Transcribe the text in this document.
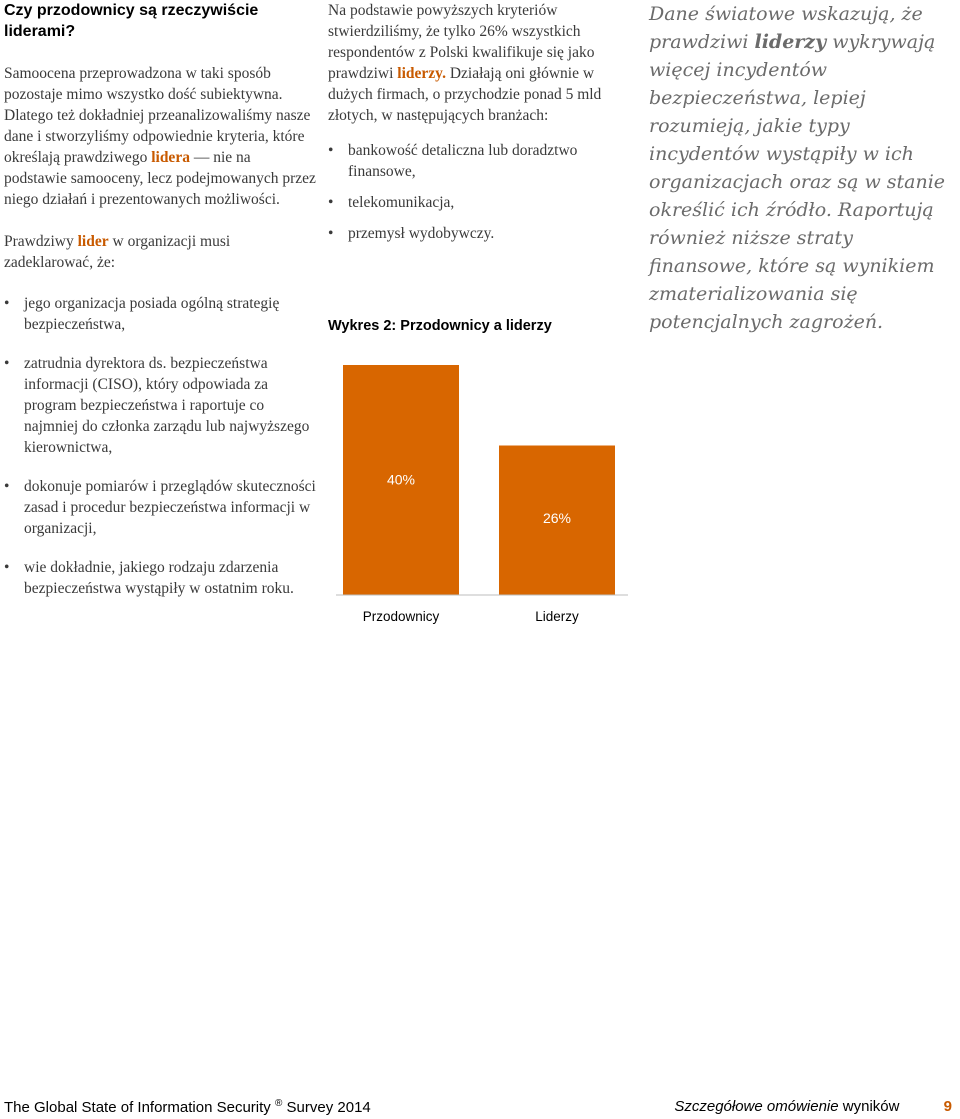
Czy przodownicy są rzeczywiście liderami?

Samoocena przeprowadzona w taki sposób pozostaje mimo wszystko dość subiektywna. Dlatego też dokładniej przeanalizowaliśmy nasze dane i stworzyliśmy odpowiednie kryteria, które określają prawdziwego lidera — nie na podstawie samooceny, lecz podejmowanych przez niego działań i prezentowanych możliwości.

Prawdziwy lider w organizacji musi zadeklarować, że:

• jego organizacja posiada ogólną strategię bezpieczeństwa,
• zatrudnia dyrektora ds. bezpieczeństwa informacji (CISO), który odpowiada za program bezpieczeństwa i raportuje co najmniej do członka zarządu lub najwyższego kierownictwa,
• dokonuje pomiarów i przeglądów skuteczności zasad i procedur bezpieczeństwa informacji w organizacji,
• wie dokładnie, jakiego rodzaju zdarzenia bezpieczeństwa wystąpiły w ostatnim roku.

Na podstawie powyższych kryteriów stwierdziliśmy, że tylko 26% wszystkich respondentów z Polski kwalifikuje się jako prawdziwi liderzy. Działają oni głównie w dużych firmach, o przychodzie ponad 5 mld złotych, w następujących branżach:

• bankowość detaliczna lub doradztwo finansowe,
• telekomunikacja,
• przemysł wydobywczy.

Wykres 2: Przodownicy a liderzy

40%
Przodownicy
26%
Liderzy

Dane światowe wskazują, że prawdziwi liderzy wykrywają więcej incydentów bezpieczeństwa, lepiej rozumieją, jakie typy incydentów wystąpiły w ich organizacjach oraz są w stanie określić ich źródło. Raportują również niższe straty finansowe, które są wynikiem zmaterializowania się potencjalnych zagrożeń.

The Global State of Information Security ® Survey 2014	Szczegółowe omówienie wyników	9
